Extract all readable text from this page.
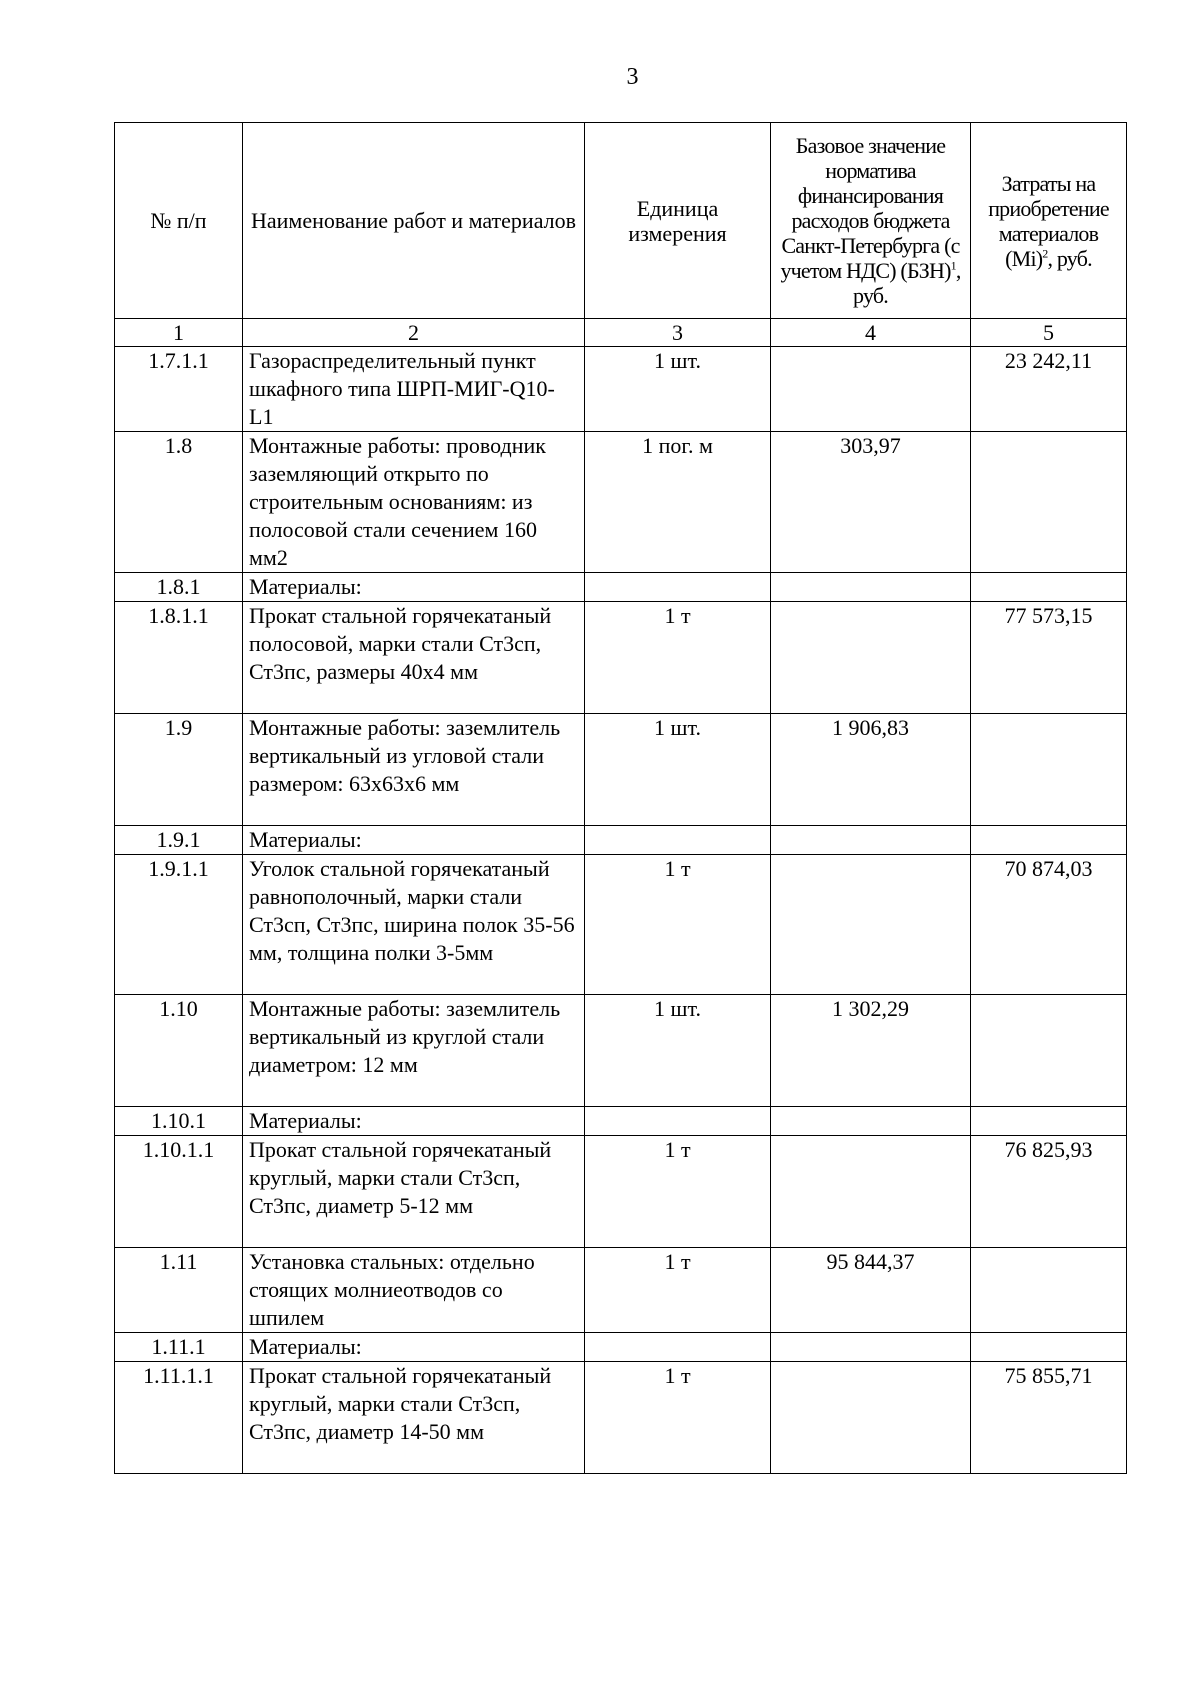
3
№ п/п	Наименование работ и материалов	Единица измерения	Базовое значение норматива финансирования расходов бюджета Санкт-Петербурга (с учетом НДС) (БЗН)$^1$, руб.	Затраты на приобретение материалов $(Mi)^2$, руб.
1	2	3	4	5
1.7.1.1	Газораспределительный пункт шкафного типа ШРП-МИГ-Q10-L1	1 шт.		23 242,11
1.8	Монтажные работы: проводник заземляющий открыто по строительным основаниям: из полосовой стали сечением 160 мм2	1 пог. м	303,97	
1.8.1	Материалы:			
1.8.1.1	Прокат стальной горячекатаный полосовой, марки стали Ст3сп, Ст3пс, размеры 40х4 мм	1 т		77 573,15
1.9	Монтажные работы: заземлитель вертикальный из угловой стали размером: 63х63х6 мм	1 шт.	1 906,83	
1.9.1	Материалы:			
1.9.1.1	Уголок стальной горячекатаный равнополочный, марки стали Ст3сп, Ст3пс, ширина полок 35-56 мм, толщина полки 3-5мм	1 т		70 874,03
1.10	Монтажные работы: заземлитель вертикальный из круглой стали диаметром: 12 мм	1 шт.	1 302,29	
1.10.1	Материалы:			
1.10.1.1	Прокат стальной горячекатаный круглый, марки стали Ст3сп, Ст3пс, диаметр 5-12 мм	1 т		76 825,93
1.11	Установка стальных: отдельно стоящих молниеотводов со шпилем	1 т	95 844,37	
1.11.1	Материалы:			
1.11.1.1	Прокат стальной горячекатаный круглый, марки стали Ст3сп, Ст3пс, диаметр 14-50 мм	1 т		75 855,71
